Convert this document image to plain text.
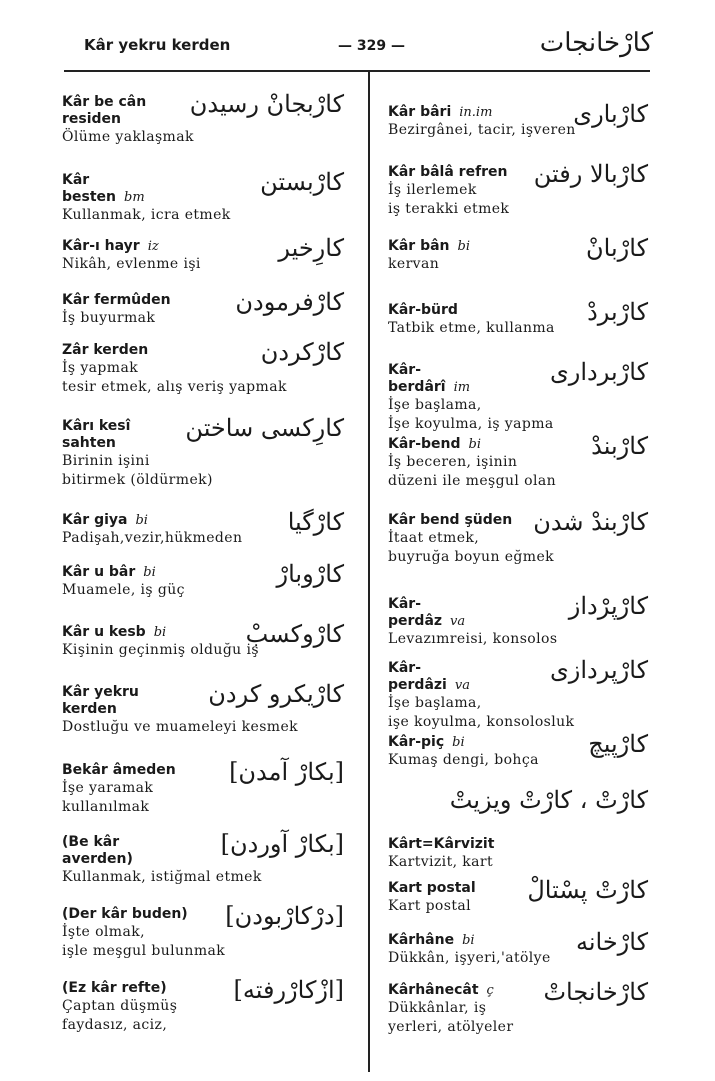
Kâr yekru kerden	— 329 —	کارْخانجات
Kâr be cân residen
کارْبجانْ رسیدن
Ölüme yaklaşmak
Kâr besten bm
کارْبستن
Kullanmak, icra etmek
Kâr-ı hayr iz	کارِخیر
Nikâh, evlenme işi
Kâr fermûden	کارْفرمودن
İş buyurmak
Zâr kerden	کارْکردن
İş yapmak
tesir etmek, alış veriş yapmak
Kârı kesî sahten
کارِکسی ساختن
Birinin işini
bitirmek (öldürmek)
Kâr giya bi	کارْگیا
Padişah,vezir,hükmeden
Kâr u bâr bi	کارْوبارْ
Muamele, iş güç
Kâr u kesb bi	کارْوکسبْ
Kişinin geçinmiş olduğu iş
Kâr yekru kerden
کارْیکرو کردن
Dostluğu ve muameleyi kesmek
Bekâr âmeden	[بکارْ آمدن]
İşe yaramak
kullanılmak
(Be kâr averden)
[بکارْ آوردن]
Kullanmak, istiğmal etmek
(Der kâr buden)	[درْکارْبودن]
İşte olmak,
işle meşgul bulunmak
(Ez kâr refte)	[ازْکارْرفته]
Çaptan düşmüş
faydasız, aciz,
Kâr bâri in.im	کارْباری
Bezirgânei, tacir, işveren
Kâr bâlâ refren	کارْبالا رفتن
İş ilerlemek
iş terakki etmek
Kâr bân bi	کارْبانْ
kervan
Kâr-bürd	کارْبردْ
Tatbik etme, kullanma
Kâr-berdârî im
کارْبرداری
İşe başlama,
İşe koyulma, iş yapma
Kâr-bend bi	کارْبندْ
İş beceren, işinin
düzeni ile meşgul olan
Kâr bend şüden کارْبندْ شدن
İtaat etmek,
buyruğa boyun eğmek
Kâr-perdâz va
کارْپرْداز
Levazımreisi, konsolos
Kâr-perdâzi va
کارْپردازی
İşe başlama,
işe koyulma, konsolosluk
Kâr-piç bi	کارْپیچ
Kumaş dengi, bohça
کارْتْ ، کارْتْ ویزیتْ
Kârt=Kârvizit
Kartvizit, kart
Kart postal	کارْتْ پسْتالْ
Kart postal
Kârhâne bi	کارْخانه
Dükkân, işyeri,'atölye
Kârhânecât ç کارْخانجاتْ
Dükkânlar, iş
yerleri, atölyeler
